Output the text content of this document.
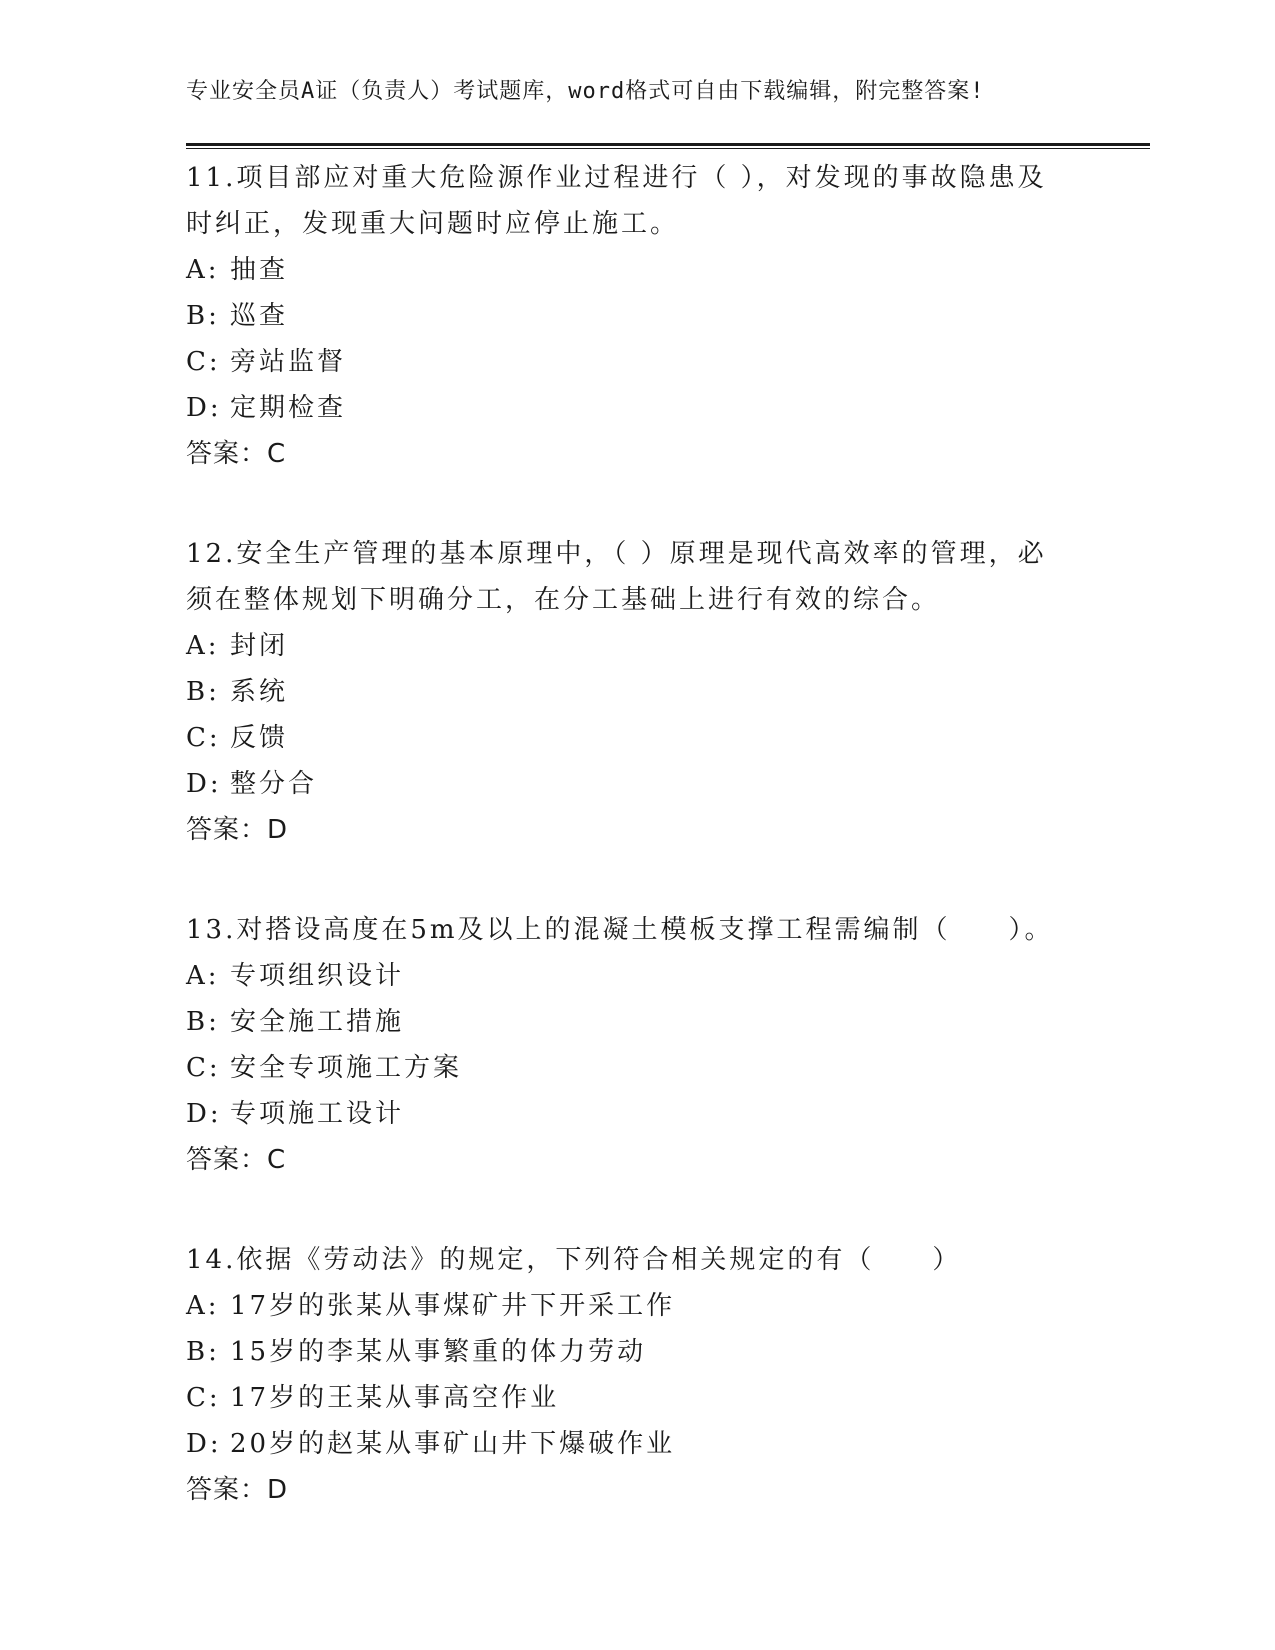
专业安全员A证（负责人）考试题库，word格式可自由下载编辑，附完整答案!
11.项目部应对重大危险源作业过程进行（ ），对发现的事故隐患及
时纠正，发现重大问题时应停止施工。
A: 抽查
B: 巡查
C: 旁站监督
D: 定期检查
答案：C
12.安全生产管理的基本原理中，（ ）原理是现代高效率的管理，必
须在整体规划下明确分工，在分工基础上进行有效的综合。
A: 封闭
B: 系统
C: 反馈
D: 整分合
答案：D
13.对搭设高度在5m及以上的混凝土模板支撑工程需编制（　　）。
A: 专项组织设计
B: 安全施工措施
C: 安全专项施工方案
D: 专项施工设计
答案：C
14.依据《劳动法》的规定，下列符合相关规定的有（　　）
A: 17岁的张某从事煤矿井下开采工作
B: 15岁的李某从事繁重的体力劳动
C: 17岁的王某从事高空作业
D: 20岁的赵某从事矿山井下爆破作业
答案：D
